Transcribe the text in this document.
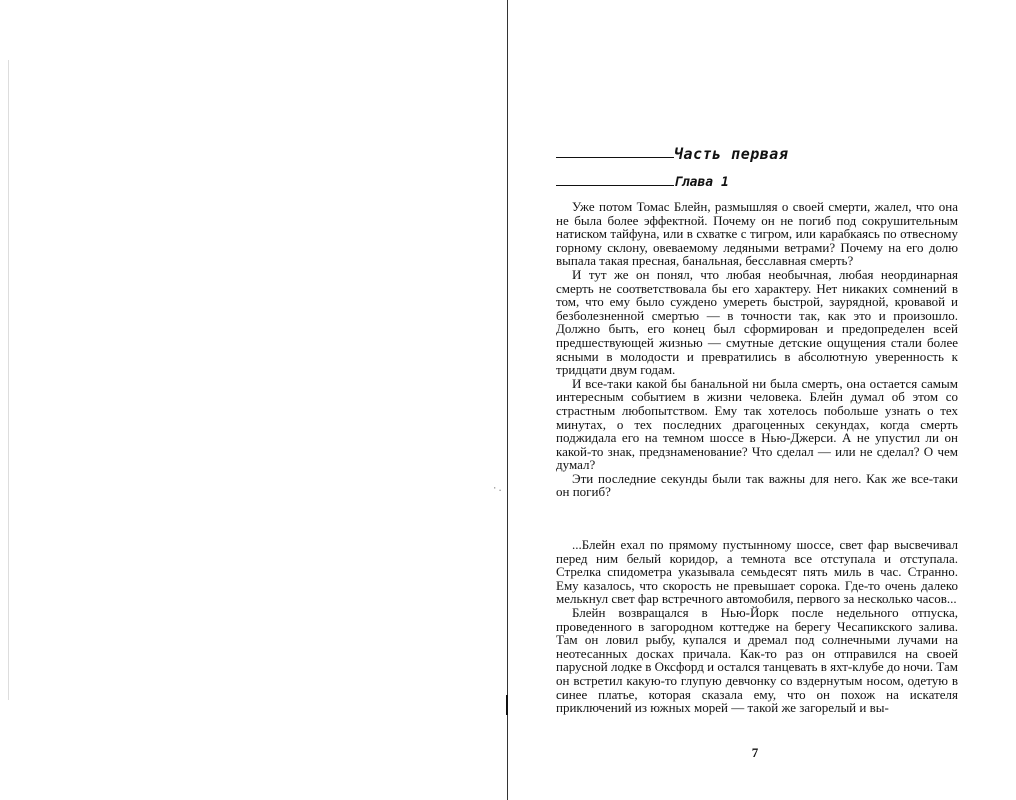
·.
Часть первая
Глава 1

Уже потом Томас Блейн, размышляя о своей смерти, жалел, что она не была более эффектной. Почему он не погиб под сокрушительным натиском тайфуна, или в схватке с тигром, или карабкаясь по отвесному горному склону, овеваемому ледяными ветрами? Почему на его долю выпала такая пресная, банальная, бесславная смерть?

И тут же он понял, что любая необычная, любая неординарная смерть не соответствовала бы его характеру. Нет никаких сомнений в том, что ему было суждено умереть быстрой, заурядной, кровавой и безболезненной смертью — в точности так, как это и произошло. Должно быть, его конец был сформирован и предопределен всей предшествующей жизнью — смутные детские ощущения стали более ясными в молодости и превратились в абсолютную уверенность к тридцати двум годам.

И все-таки какой бы банальной ни была смерть, она остается самым интересным событием в жизни человека. Блейн думал об этом со страстным любопытством. Ему так хотелось побольше узнать о тех минутах, о тех последних драгоценных секундах, когда смерть поджидала его на темном шоссе в Нью-Джерси. А не упустил ли он какой-то знак, предзнаменование? Что сделал — или не сделал? О чем думал?

Эти последние секунды были так важны для него. Как же все-таки он погиб?

...Блейн ехал по прямому пустынному шоссе, свет фар высвечивал перед ним белый коридор, а темнота все отступала и отступала. Стрелка спидометра указывала семьдесят пять миль в час. Странно. Ему казалось, что скорость не превышает сорока. Где-то очень далеко мелькнул свет фар встречного автомобиля, первого за несколько часов...

Блейн возвращался в Нью-Йорк после недельного отпуска, проведенного в загородном коттедже на берегу Чесапикского залива. Там он ловил рыбу, купался и дремал под солнечными лучами на неотесанных досках причала. Как-то раз он отправился на своей парусной лодке в Оксфорд и остался танцевать в яхт-клубе до ночи. Там он встретил какую-то глупую девчонку со вздернутым носом, одетую в синее платье, которая сказала ему, что он похож на искателя приключений из южных морей — такой же загорелый и вы-

7
